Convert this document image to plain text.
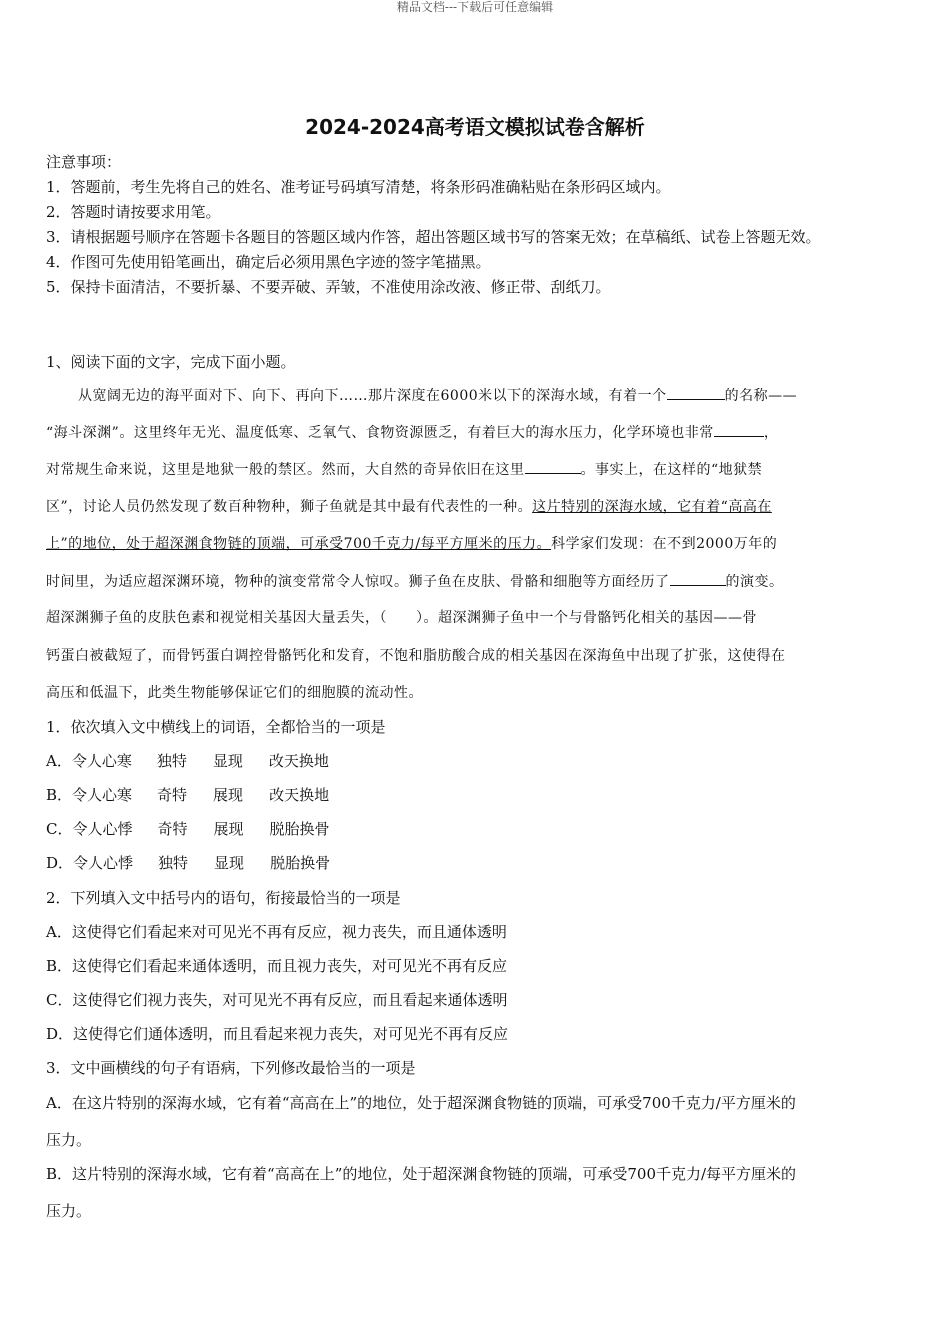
精品文档---下载后可任意编辑
2024-2024高考语文模拟试卷含解析
注意事项：
1．答题前，考生先将自己的姓名、准考证号码填写清楚，将条形码准确粘贴在条形码区域内。
2．答题时请按要求用笔。
3．请根据题号顺序在答题卡各题目的答题区域内作答，超出答题区域书写的答案无效；在草稿纸、试卷上答题无效。
4．作图可先使用铅笔画出，确定后必须用黑色字迹的签字笔描黑。
5．保持卡面清洁，不要折暴、不要弄破、弄皱，不准使用涂改液、修正带、刮纸刀。
1、阅读下面的文字，完成下面小题。
从宽阔无边的海平面对下、向下、再向下……那片深度在6000米以下的深海水域，有着一个	的名称——
“海斗深渊”。这里终年无光、温度低寒、乏氧气、食物资源匮乏，有着巨大的海水压力，化学环境也非常	，
对常规生命来说，这里是地狱一般的禁区。然而，大自然的奇异依旧在这里	。事实上，在这样的“地狱禁
区”，讨论人员仍然发现了数百种物种，狮子鱼就是其中最有代表性的一种。这片特别的深海水域，它有着“高高在
上”的地位，处于超深渊食物链的顶端，可承受700千克力/每平方厘米的压力。科学家们发现：在不到2000万年的
时间里，为适应超深渊环境，物种的演变常常令人惊叹。狮子鱼在皮肤、骨骼和细胞等方面经历了	的演变。
超深渊狮子鱼的皮肤色素和视觉相关基因大量丢失，（　　）。超深渊狮子鱼中一个与骨骼钙化相关的基因——骨
钙蛋白被截短了，而骨钙蛋白调控骨骼钙化和发育，不饱和脂肪酸合成的相关基因在深海鱼中出现了扩张，这使得在
高压和低温下，此类生物能够保证它们的细胞膜的流动性。
1．依次填入文中横线上的词语，全都恰当的一项是
A．令人心寒 独特 显现 改天换地
B．令人心寒 奇特 展现 改天换地
C．令人心悸 奇特 展现 脱胎换骨
D．令人心悸 独特 显现 脱胎换骨
2．下列填入文中括号内的语句，衔接最恰当的一项是
A．这使得它们看起来对可见光不再有反应，视力丧失，而且通体透明
B．这使得它们看起来通体透明，而且视力丧失，对可见光不再有反应
C．这使得它们视力丧失，对可见光不再有反应，而且看起来通体透明
D．这使得它们通体透明，而且看起来视力丧失，对可见光不再有反应
3．文中画横线的句子有语病，下列修改最恰当的一项是
A．在这片特别的深海水域，它有着“高高在上”的地位，处于超深渊食物链的顶端，可承受700千克力/平方厘米的
压力。
B．这片特别的深海水域，它有着“高高在上”的地位，处于超深渊食物链的顶端，可承受700千克力/每平方厘米的
压力。
